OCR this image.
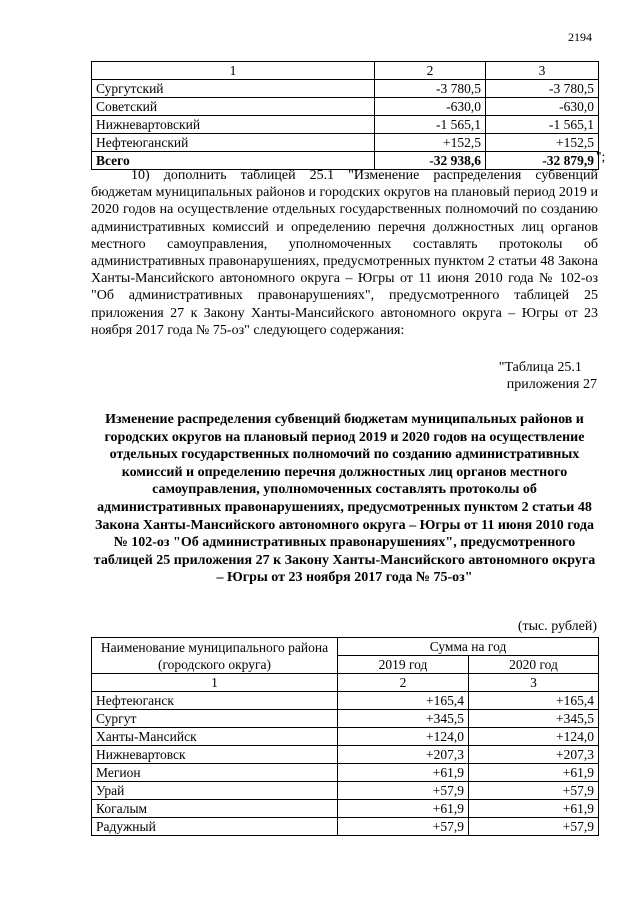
2194
1	2	3
Сургутский	-3 780,5	-3 780,5
Советский	-630,0	-630,0
Нижневартовский	-1 565,1	-1 565,1
Нефтеюганский	+152,5	+152,5
Всего	-32 938,6	-32 879,9 ";

10) дополнить таблицей 25.1 "Изменение распределения субвенций бюджетам муниципальных районов и городских округов на плановый период 2019 и 2020 годов на осуществление отдельных государственных полномочий по созданию административных комиссий и определению перечня должностных лиц органов местного самоуправления, уполномоченных составлять протоколы об административных правонарушениях, предусмотренных пунктом 2 статьи 48 Закона Ханты-Мансийского автономного округа – Югры от 11 июня 2010 года № 102-оз "Об административных правонарушениях", предусмотренного таблицей 25 приложения 27 к Закону Ханты-Мансийского автономного округа – Югры от 23 ноября 2017 года № 75-оз" следующего содержания:

"Таблица 25.1
приложения 27

Изменение распределения субвенций бюджетам муниципальных районов и городских округов на плановый период 2019 и 2020 годов на осуществление отдельных государственных полномочий по созданию административных комиссий и определению перечня должностных лиц органов местного самоуправления, уполномоченных составлять протоколы об административных правонарушениях, предусмотренных пунктом 2 статьи 48 Закона Ханты-Мансийского автономного округа – Югры от 11 июня 2010 года № 102-оз "Об административных правонарушениях", предусмотренного таблицей 25 приложения 27 к Закону Ханты-Мансийского автономного округа – Югры от 23 ноября 2017 года № 75-оз"

(тыс. рублей)
Наименование муниципального района (городского округа)	Сумма на год	
	2019 год	2020 год
1	2	3
Нефтеюганск	+165,4	+165,4
Сургут	+345,5	+345,5
Ханты-Мансийск	+124,0	+124,0
Нижневартовск	+207,3	+207,3
Мегион	+61,9	+61,9
Урай	+57,9	+57,9
Когалым	+61,9	+61,9
Радужный	+57,9	+57,9
